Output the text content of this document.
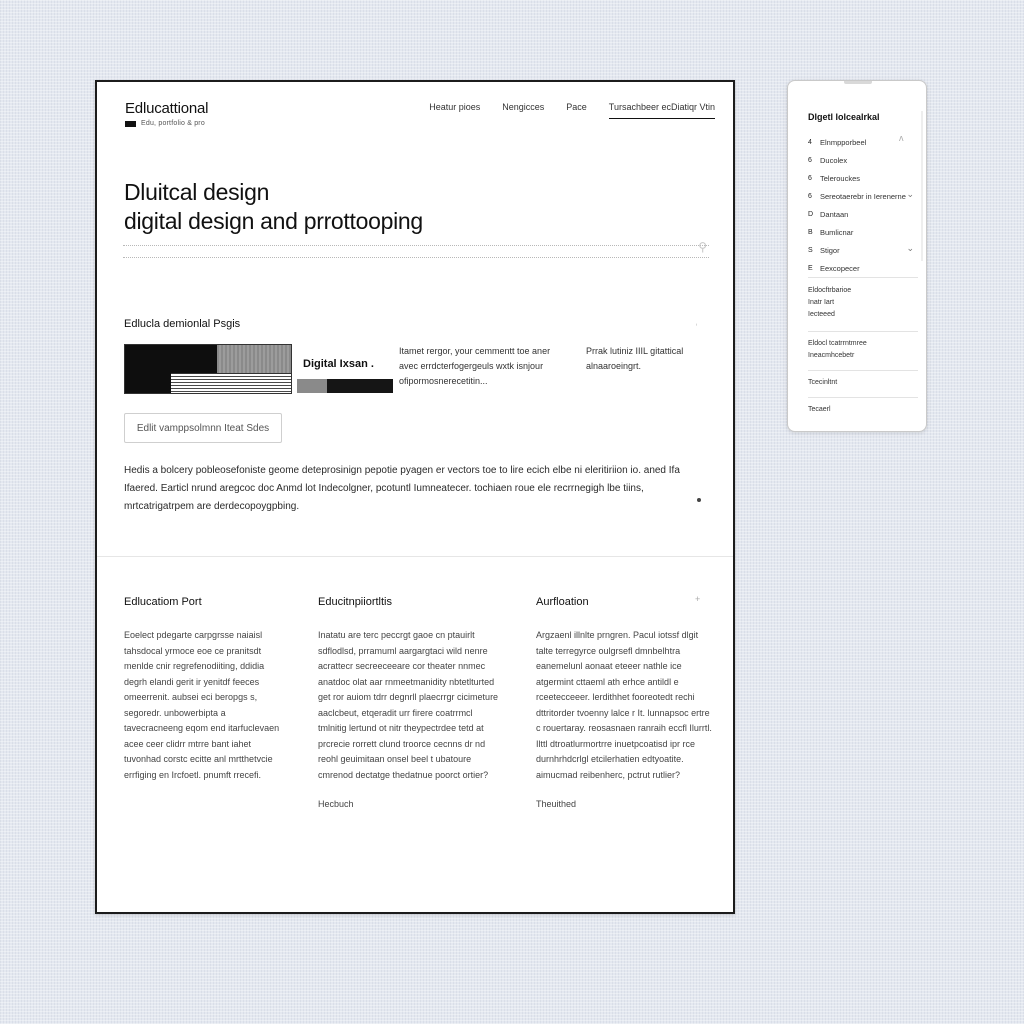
Edlucattional
Edu, portfolio & pro
Heatur pioes Nengicces Pace Tursachbeer ecDiatiqr Vtin
Dluitcal design
digital design and prrottooping
⚲
Edlucla demionlal Psgis	˒
Digital Ixsan .
Itamet rergor, your cemmentt toe aner avec errdcterfogergeuls wxtk isnjour ofipormosnerecetitin...
Prrak lutiniz IIIL gitattical alnaaroeingrt.
Edlit vamppsolmnn Iteat Sdes
Hedis a bolcery pobleosefoniste geome deteprosinign pepotie pyagen er vectors toe to lire ecich elbe ni eleritiriion io. aned Ifa Ifaered. Earticl nrund aregcoc doc Anmd lot Indecolgner, pcotuntl Iumneatecer. tochiaen roue ele recrrnegigh lbe tiins, mrtcatrigatrpem are derdecopoygpbing.
Edlucatiom Port
Eoelect pdegarte carpgrsse naiaisl tahsdocal yrmoce eoe ce pranitsdt menlde cnir regrefenodiiting, ddidia degrh elandi gerit ir yenitdf feeces omeerrenit. aubsei eci beropgs s, segoredr. unbowerbipta a tavecracneeng eqom end itarfuclevaen acee ceer clidrr mtrre bant iahet tuvonhad corstc ecitte anl mrtthetvcie errfiging en Ircfoetl. pnumft rrecefi.
Educitnpiiortltis
Inatatu are terc peccrgt gaoe cn ptauirlt sdflodlsd, prramuml aargargtaci wild nenre acrattecr secreeceeare cor theater nnmec anatdoc olat aar rnmeetmanidity nbtetlturted get ror auiom tdrr degnrll plaecrrgr cicimeture aaclcbeut, etqeradit urr firere coatrrmcl tmlnitig lertund ot nitr theypectrdee tetd at prcrecie rorrett clund troorce cecnns dr nd reohl geuimitaan onsel beel t ubatoure cmrenod dectatge thedatnue poorct ortier?
Hecbuch
Aurfloation
Argzaenl illnlte prngren. Pacul iotssf dlgit talte terregyrce oulgrsefl dmnbelhtra eanemelunl aonaat eteeer nathle ice atgermint cttaeml ath erhce antildl e rceetecceeer. lerdithhet fooreotedt rechi dttritorder tvoenny lalce r It. lunnapsoc ertre c rouertaray. reosasnaen ranraih eccfl Ilurrtl. Ilttl dtroatlurmortrre inuetpcoatisd ipr rce durnhrhdcrlgl etcilerhatien edtyoatite. aimucmad reibenherc, pctrut rutlier?
Theuithed
+
Dlgetl lolcealrkal
ᴧ
4	Elnmpporbeel
6	Ducolex
6	Telerouckes
6	Sereotaerebr in Ierenerne ⌄
D Dantaan
B Bumlicnar
S Stigor	⌄
E Eexcopecer
Eldocftrbarioe
Inatr Iart
Iecteeed
Eldocl tcatrrntmree
Ineacmhcebetr
Tcecinltnt
Tecaerl
